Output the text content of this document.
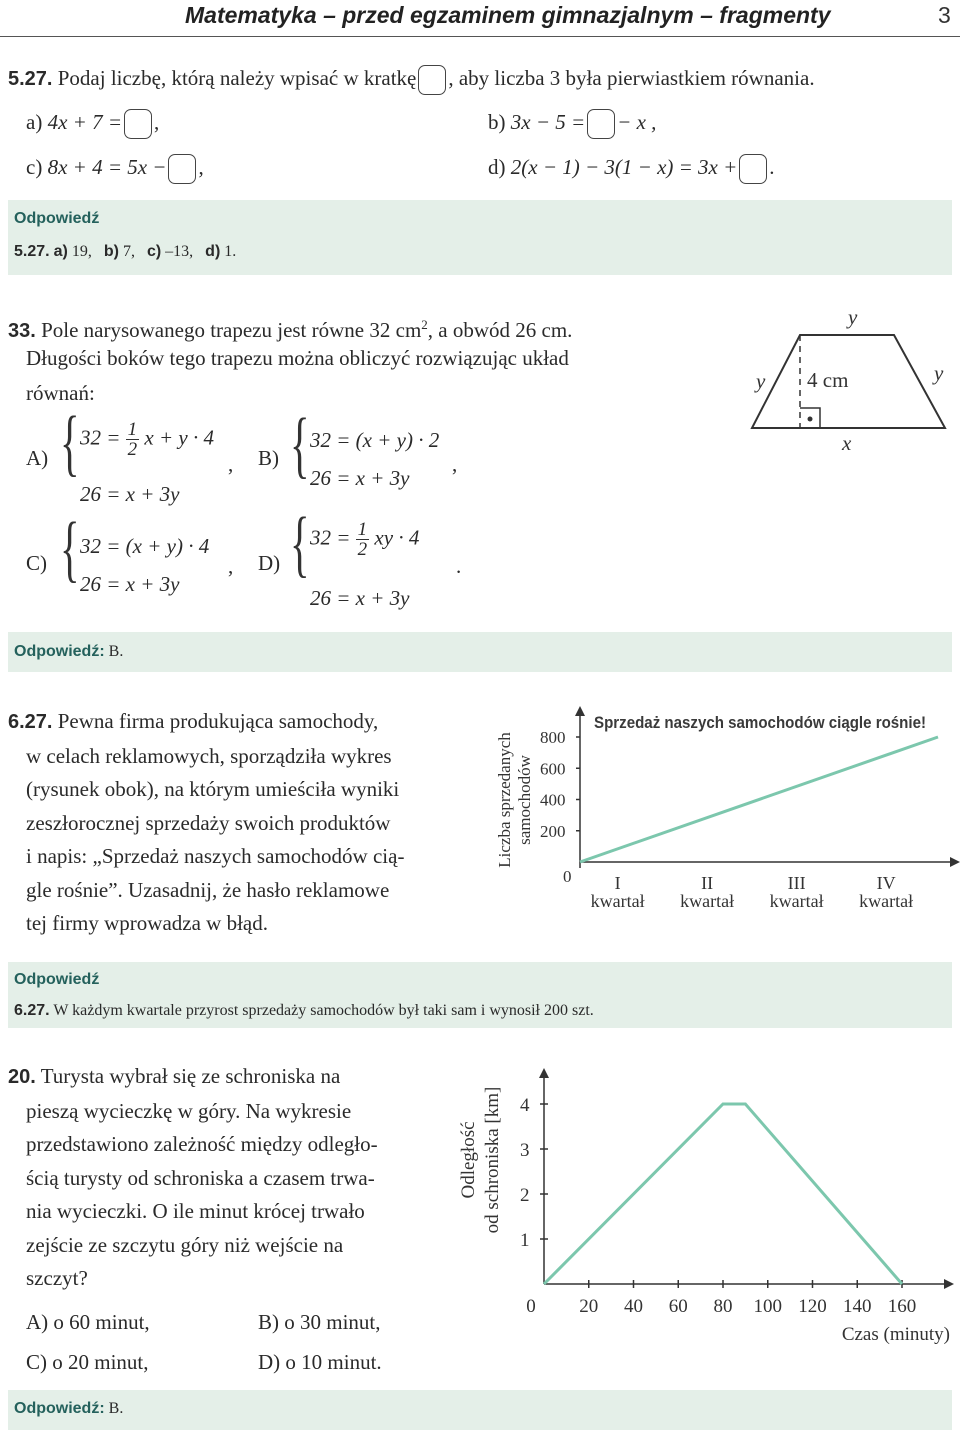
Matematyka – przed egzaminem gimnazjalnym – fragmenty	3
5.27. Podaj liczbę, którą należy wpisać w kratkę , aby liczba 3 była pierwiastkiem równania.
a) 4x + 7 = ,	b) 3x − 5 = − x ,
c) 8x + 4 = 5x − ,	d) 2(x − 1) − 3(1 − x) = 3x + .
Odpowiedź
5.27. a) 19, b) 7, c) –13, d) 1.
33. Pole narysowanego trapezu jest równe 32 $cm^2$, a obwód 26 cm.
Długości boków tego trapezu można obliczyć rozwiązując układ
równań:
A) { $32 = \frac{1}{2}$ x + y · 4
26 = x + 3y
, B) { 32 = (x + y) · 2
26 = x + 3y
,
C) { 32 = (x + y) · 4
26 = x + 3y
, D) { $32 = \frac{1}{2}$ xy · 4
26 = x + 3y
.
y
y	y
4 cm
x
Odpowiedź: B.
6.27. Pewna firma produkująca samochody,
w celach reklamowych, sporządziła wykres
(rysunek obok), na którym umieściła wyniki
zeszłorocznej sprzedaży swoich produktów
i napis: „Sprzedaż naszych samochodów cią-
gle rośnie”. Uzasadnij, że hasło reklamowe
tej firmy wprowadza w błąd.
0
200
400
600
800
I
kwartał
II
kwartał
III
kwartał
IV
kwartał
Sprzedaż naszych samochodów ciągle rośnie!
Liczba sprzedanych samochodów
Odpowiedź
6.27. W każdym kwartale przyrost sprzedaży samochodów był taki sam i wynosił 200 szt.
20. Turysta wybrał się ze schroniska na
pieszą wycieczkę w góry. Na wykresie
przedstawiono zależność między odległo-
ścią turysty od schroniska a czasem trwa-
nia wycieczki. O ile minut krócej trwało
zejście ze szczytu góry niż wejście na
szczyt?
A) o 60 minut,	B) o 30 minut,
C) o 20 minut,	D) o 10 minut.
1
2
3
4
0 20 40 60 80 100 120 140 160
Czas (minuty)
Odległość od schroniska [km]
Odpowiedź: B.
